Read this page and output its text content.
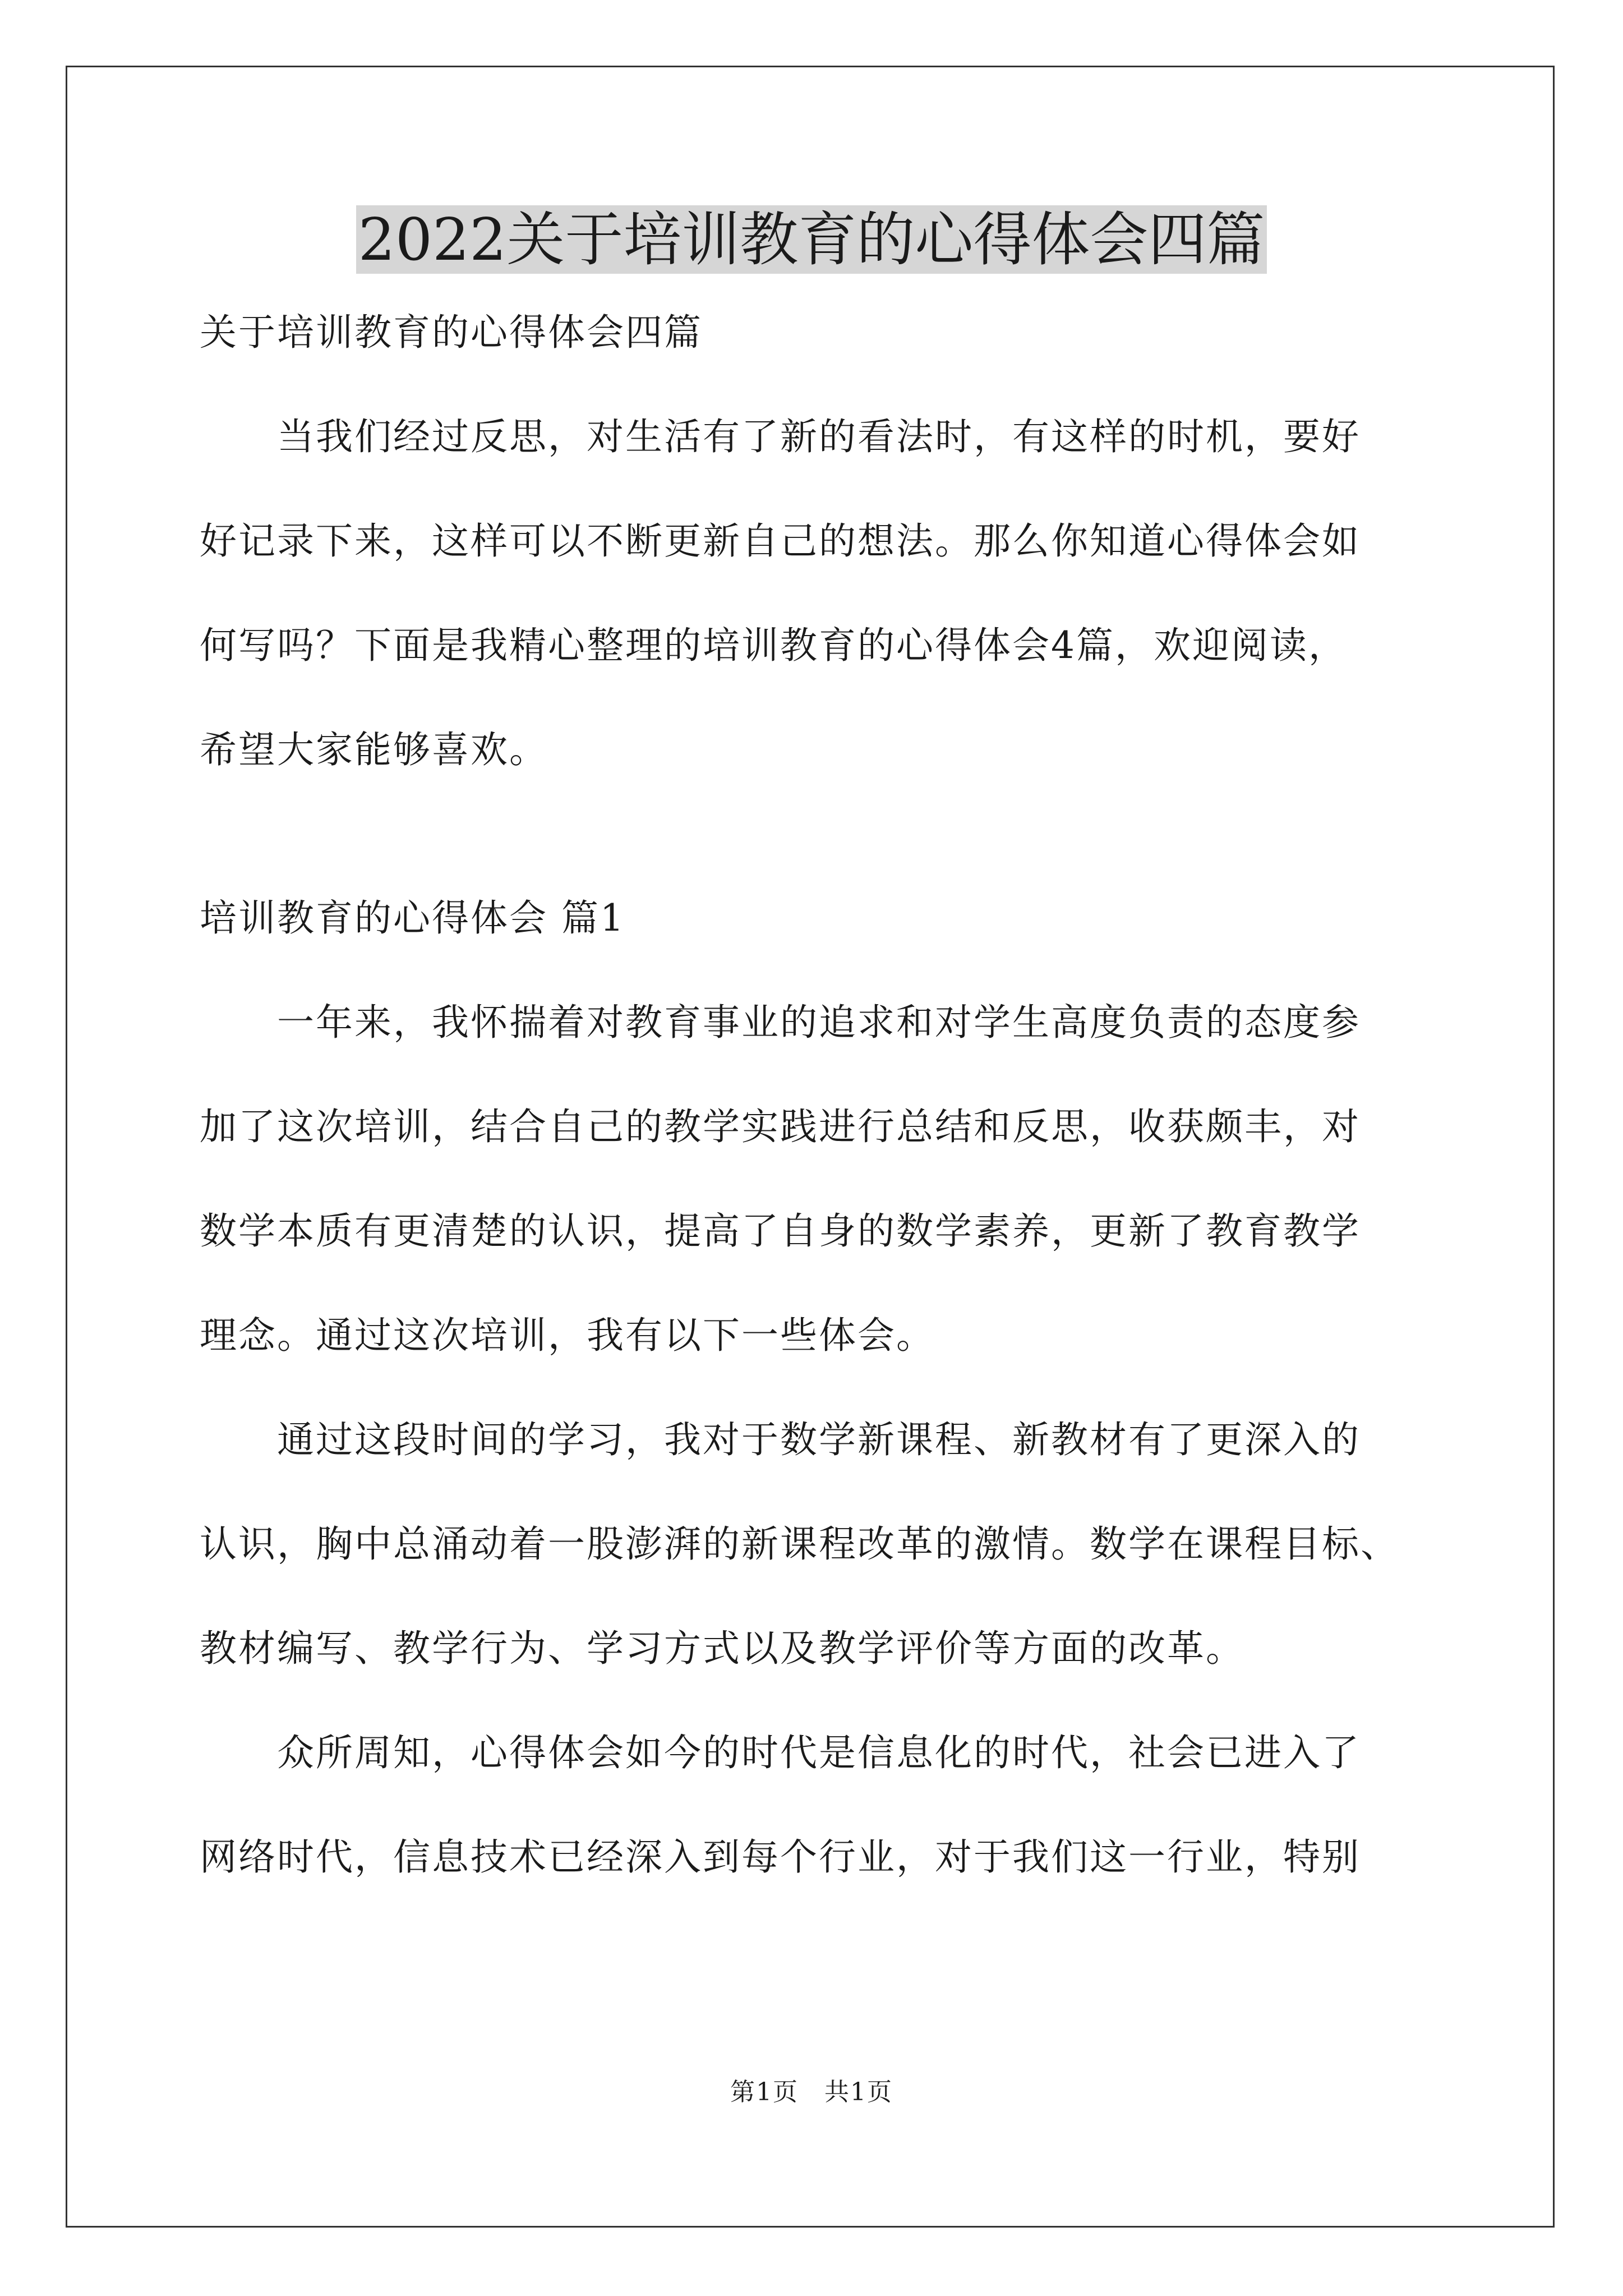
2022关于培训教育的心得体会四篇
关于培训教育的心得体会四篇
　　当我们经过反思，对生活有了新的看法时，有这样的时机，要好
好记录下来，这样可以不断更新自己的想法。那么你知道心得体会如
何写吗？下面是我精心整理的培训教育的心得体会4篇，欢迎阅读，
希望大家能够喜欢。
培训教育的心得体会 篇1
　　一年来，我怀揣着对教育事业的追求和对学生高度负责的态度参
加了这次培训，结合自己的教学实践进行总结和反思，收获颇丰，对
数学本质有更清楚的认识，提高了自身的数学素养，更新了教育教学
理念。通过这次培训，我有以下一些体会。
　　通过这段时间的学习，我对于数学新课程、新教材有了更深入的
认识，胸中总涌动着一股澎湃的新课程改革的激情。数学在课程目标、
教材编写、教学行为、学习方式以及教学评价等方面的改革。
　　众所周知，心得体会如今的时代是信息化的时代，社会已进入了
网络时代，信息技术已经深入到每个行业，对于我们这一行业，特别
第1页　共1页
